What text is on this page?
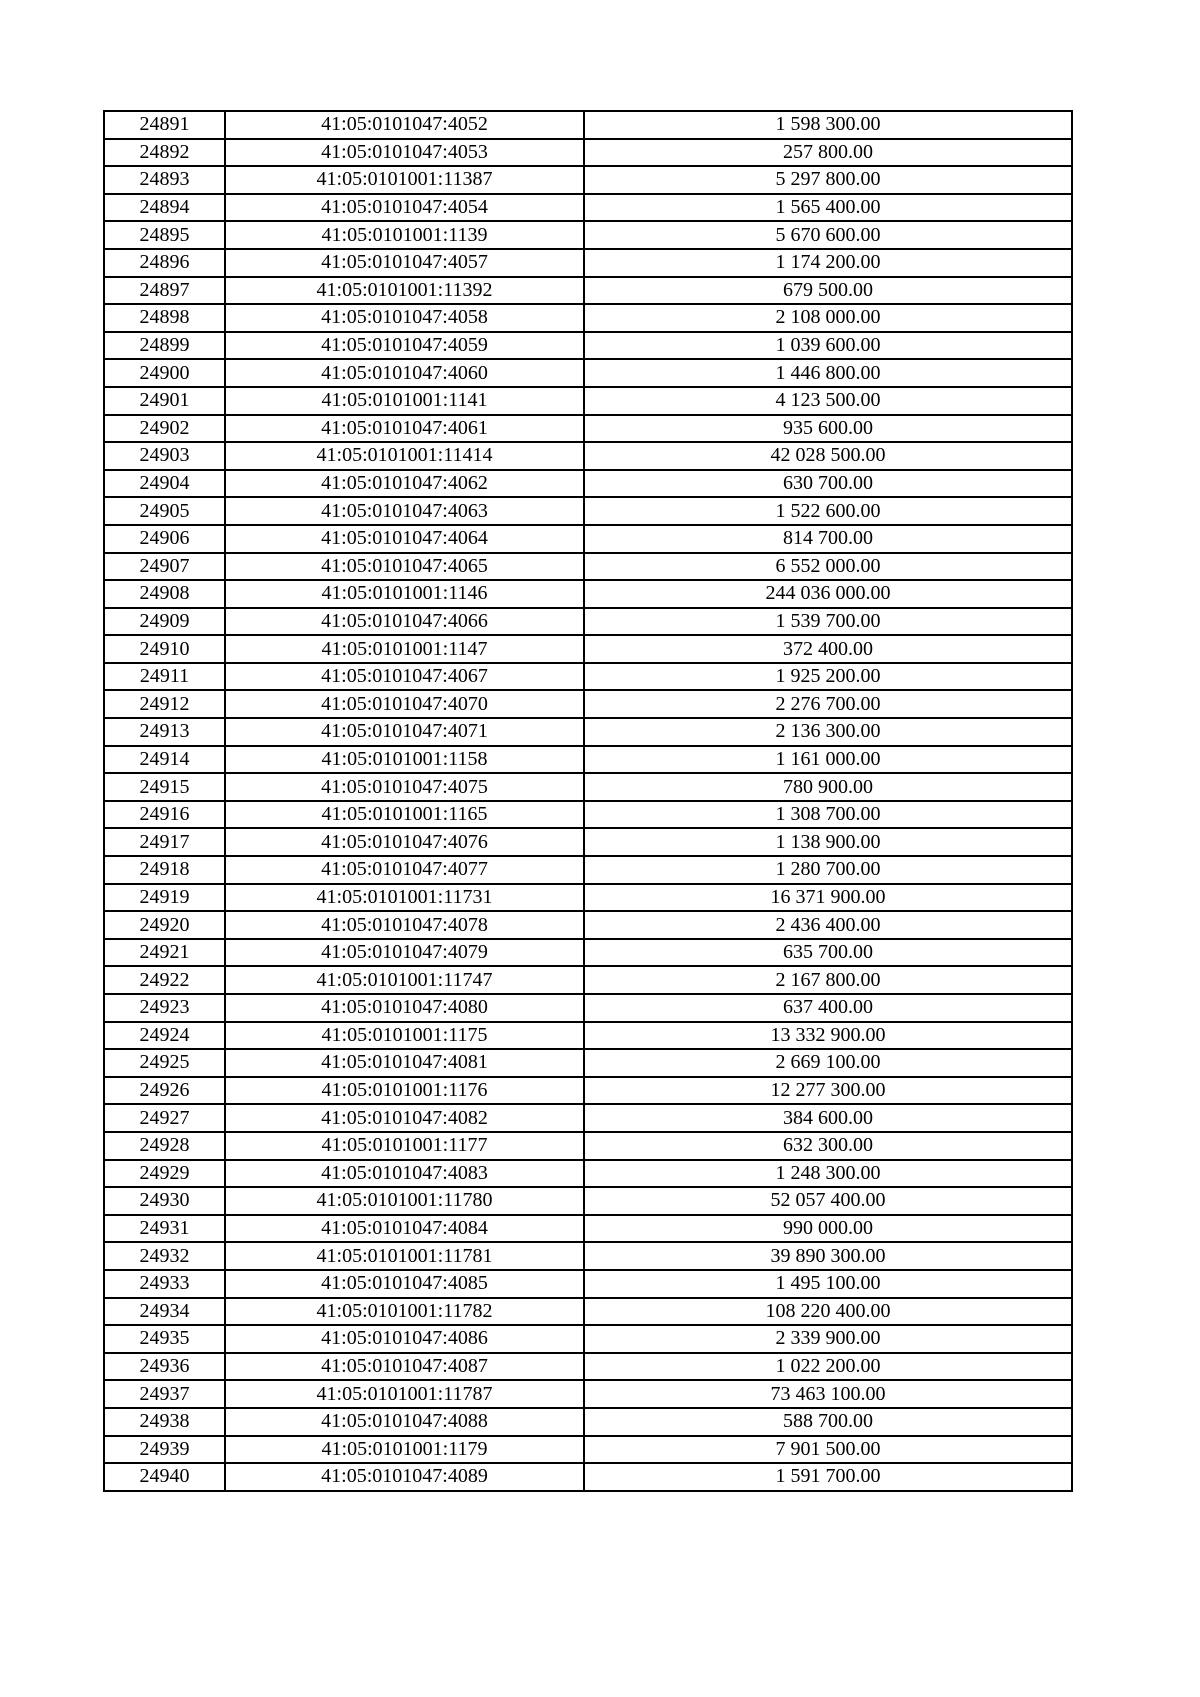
24891	41:05:0101047:4052	1 598 300.00
24892	41:05:0101047:4053	257 800.00
24893	41:05:0101001:11387	5 297 800.00
24894	41:05:0101047:4054	1 565 400.00
24895	41:05:0101001:1139	5 670 600.00
24896	41:05:0101047:4057	1 174 200.00
24897	41:05:0101001:11392	679 500.00
24898	41:05:0101047:4058	2 108 000.00
24899	41:05:0101047:4059	1 039 600.00
24900	41:05:0101047:4060	1 446 800.00
24901	41:05:0101001:1141	4 123 500.00
24902	41:05:0101047:4061	935 600.00
24903	41:05:0101001:11414	42 028 500.00
24904	41:05:0101047:4062	630 700.00
24905	41:05:0101047:4063	1 522 600.00
24906	41:05:0101047:4064	814 700.00
24907	41:05:0101047:4065	6 552 000.00
24908	41:05:0101001:1146	244 036 000.00
24909	41:05:0101047:4066	1 539 700.00
24910	41:05:0101001:1147	372 400.00
24911	41:05:0101047:4067	1 925 200.00
24912	41:05:0101047:4070	2 276 700.00
24913	41:05:0101047:4071	2 136 300.00
24914	41:05:0101001:1158	1 161 000.00
24915	41:05:0101047:4075	780 900.00
24916	41:05:0101001:1165	1 308 700.00
24917	41:05:0101047:4076	1 138 900.00
24918	41:05:0101047:4077	1 280 700.00
24919	41:05:0101001:11731	16 371 900.00
24920	41:05:0101047:4078	2 436 400.00
24921	41:05:0101047:4079	635 700.00
24922	41:05:0101001:11747	2 167 800.00
24923	41:05:0101047:4080	637 400.00
24924	41:05:0101001:1175	13 332 900.00
24925	41:05:0101047:4081	2 669 100.00
24926	41:05:0101001:1176	12 277 300.00
24927	41:05:0101047:4082	384 600.00
24928	41:05:0101001:1177	632 300.00
24929	41:05:0101047:4083	1 248 300.00
24930	41:05:0101001:11780	52 057 400.00
24931	41:05:0101047:4084	990 000.00
24932	41:05:0101001:11781	39 890 300.00
24933	41:05:0101047:4085	1 495 100.00
24934	41:05:0101001:11782	108 220 400.00
24935	41:05:0101047:4086	2 339 900.00
24936	41:05:0101047:4087	1 022 200.00
24937	41:05:0101001:11787	73 463 100.00
24938	41:05:0101047:4088	588 700.00
24939	41:05:0101001:1179	7 901 500.00
24940	41:05:0101047:4089	1 591 700.00
